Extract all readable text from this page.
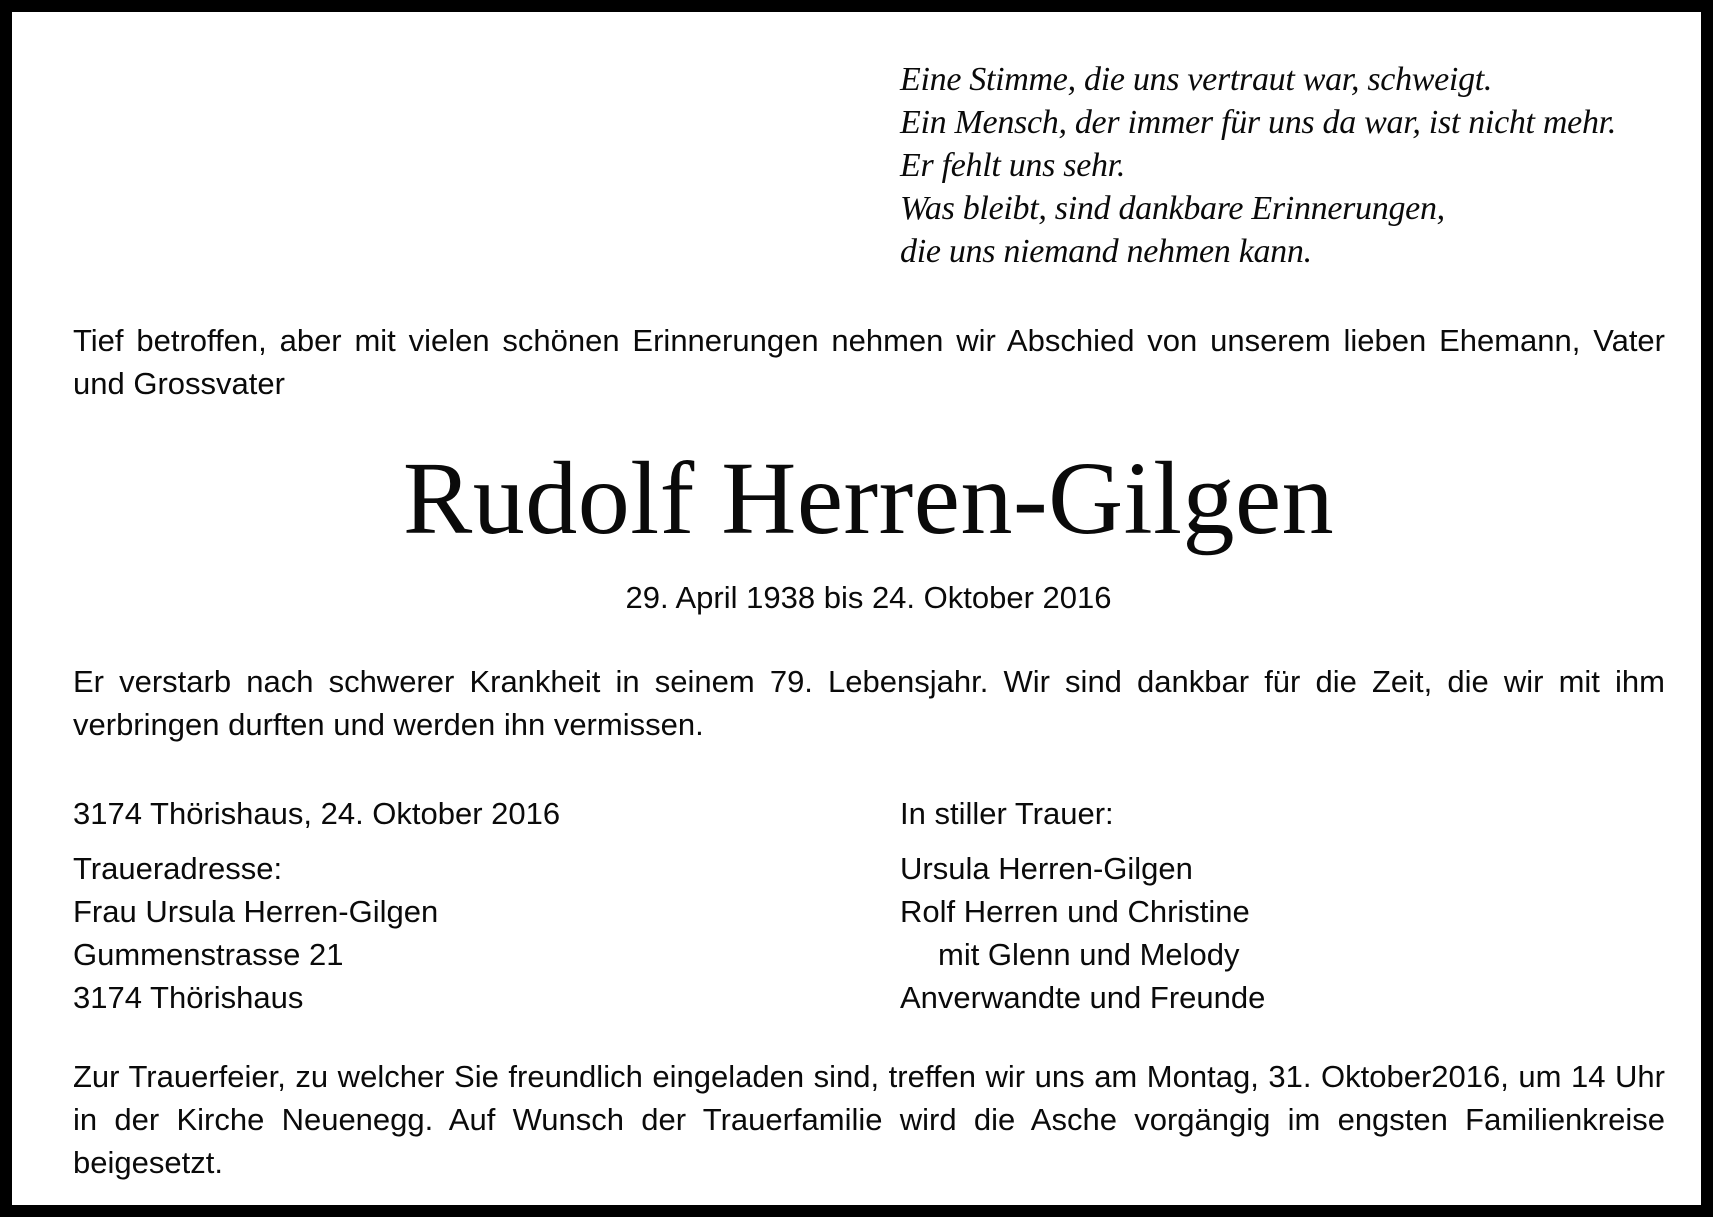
Eine Stimme, die uns vertraut war, schweigt.
Ein Mensch, der immer für uns da war, ist nicht mehr.
Er fehlt uns sehr.
Was bleibt, sind dankbare Erinnerungen,
die uns niemand nehmen kann.
Tief betroffen, aber mit vielen schönen Erinnerungen nehmen wir Abschied von unserem lieben Ehemann, Vater und Grossvater
Rudolf Herren-Gilgen
29. April 1938 bis 24. Oktober 2016
Er verstarb nach schwerer Krankheit in seinem 79. Lebensjahr. Wir sind dankbar für die Zeit, die wir mit ihm verbringen durften und werden ihn vermissen.
3174 Thörishaus, 24. Oktober 2016
Traueradresse:
Frau Ursula Herren-Gilgen
Gummenstrasse 21
3174 Thörishaus
In stiller Trauer:
Ursula Herren-Gilgen
Rolf Herren und Christine
mit Glenn und Melody
Anverwandte und Freunde
Zur Trauerfeier, zu welcher Sie freundlich eingeladen sind, treffen wir uns am Montag, 31. Oktober2016, um 14 Uhr in der Kirche Neuenegg. Auf Wunsch der Trauerfamilie wird die Asche vorgängig im engsten Familienkreise beigesetzt.
